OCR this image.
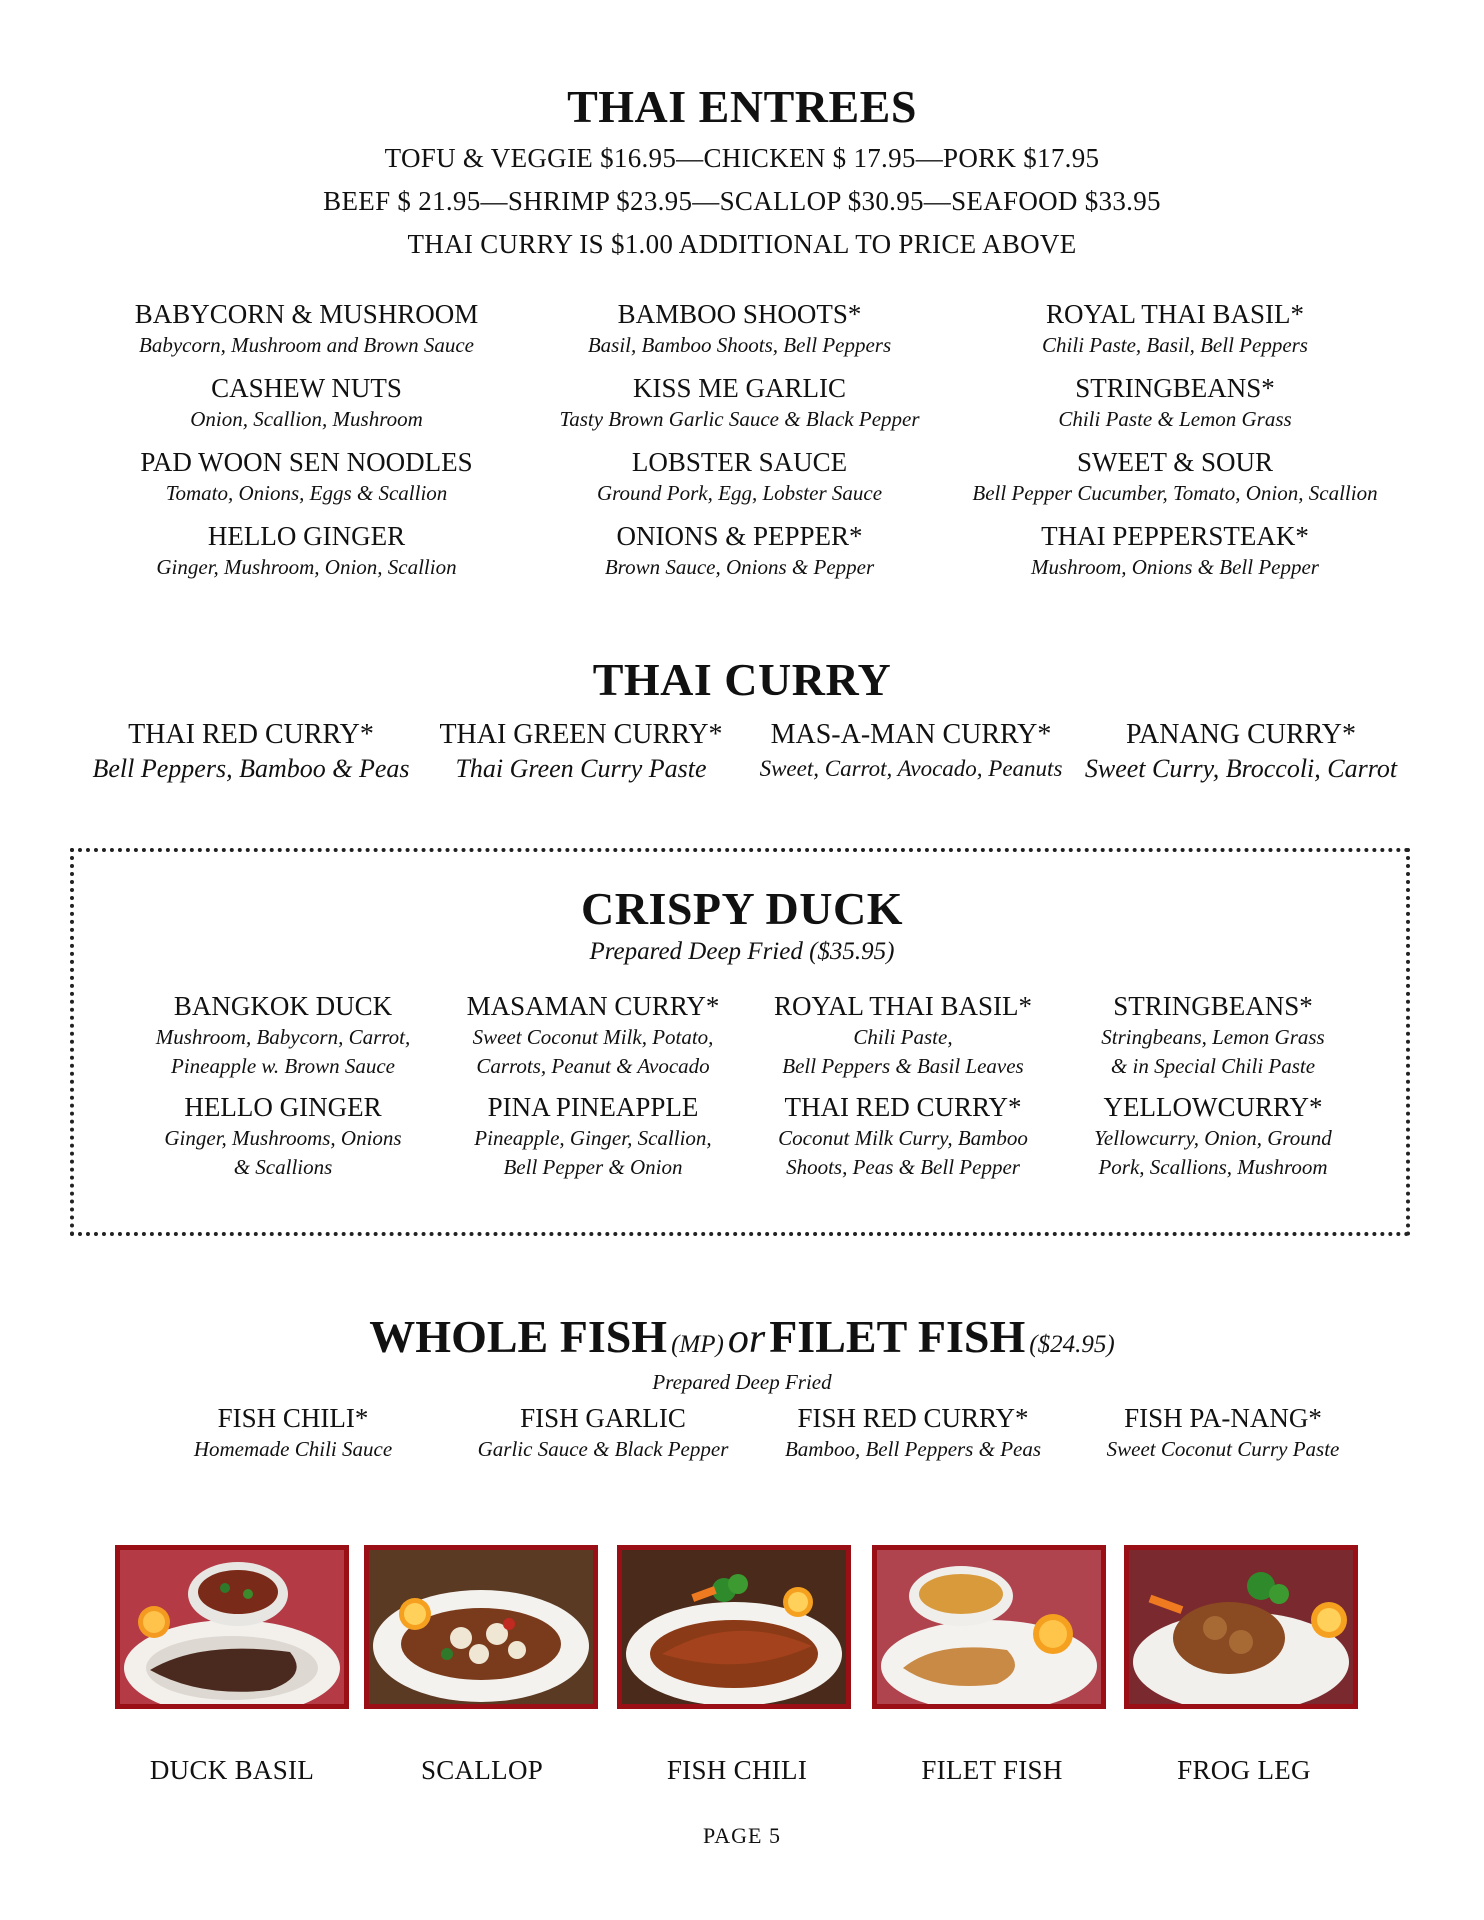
THAI ENTREES
TOFU & VEGGIE $16.95—CHICKEN $ 17.95—PORK $17.95
BEEF $ 21.95—SHRIMP $23.95—SCALLOP $30.95—SEAFOOD $33.95
THAI CURRY IS $1.00 ADDITIONAL TO PRICE ABOVE
BABYCORN & MUSHROOM
Babycorn, Mushroom and Brown Sauce
BAMBOO SHOOTS*
Basil, Bamboo Shoots, Bell Peppers
ROYAL THAI BASIL*
Chili Paste, Basil, Bell Peppers
CASHEW NUTS
Onion, Scallion, Mushroom
KISS ME GARLIC
Tasty Brown Garlic Sauce & Black Pepper
STRINGBEANS*
Chili Paste & Lemon Grass
PAD WOON SEN NOODLES
Tomato, Onions, Eggs & Scallion
LOBSTER SAUCE
Ground Pork, Egg, Lobster Sauce
SWEET & SOUR
Bell Pepper Cucumber, Tomato, Onion, Scallion
HELLO GINGER
Ginger, Mushroom, Onion, Scallion
ONIONS & PEPPER*
Brown Sauce, Onions & Pepper
THAI PEPPERSTEAK*
Mushroom, Onions & Bell Pepper
THAI CURRY
THAI RED CURRY*
Bell Peppers, Bamboo & Peas
THAI GREEN CURRY*
Thai Green Curry Paste
MAS-A-MAN CURRY*
Sweet, Carrot, Avocado, Peanuts
PANANG CURRY*
Sweet Curry, Broccoli, Carrot
CRISPY DUCK
Prepared Deep Fried ($35.95)
BANGKOK DUCK
Mushroom, Babycorn, Carrot,
Pineapple w. Brown Sauce
MASAMAN CURRY*
Sweet Coconut Milk, Potato,
Carrots, Peanut & Avocado
ROYAL THAI BASIL*
Chili Paste,
Bell Peppers & Basil Leaves
STRINGBEANS*
Stringbeans, Lemon Grass
& in Special Chili Paste
HELLO GINGER
Ginger, Mushrooms, Onions
& Scallions
PINA PINEAPPLE
Pineapple, Ginger, Scallion,
Bell Pepper & Onion
THAI RED CURRY*
Coconut Milk Curry, Bamboo
Shoots, Peas & Bell Pepper
YELLOWCURRY*
Yellowcurry, Onion, Ground
Pork, Scallions, Mushroom
WHOLE FISH (MP) or FILET FISH ($24.95)
Prepared Deep Fried
FISH CHILI*
Homemade Chili Sauce
FISH GARLIC
Garlic Sauce & Black Pepper
FISH RED CURRY*
Bamboo, Bell Peppers & Peas
FISH PA-NANG*
Sweet Coconut Curry Paste
DUCK BASIL	SCALLOP	FISH CHILI	FILET FISH	FROG LEG
PAGE 5
